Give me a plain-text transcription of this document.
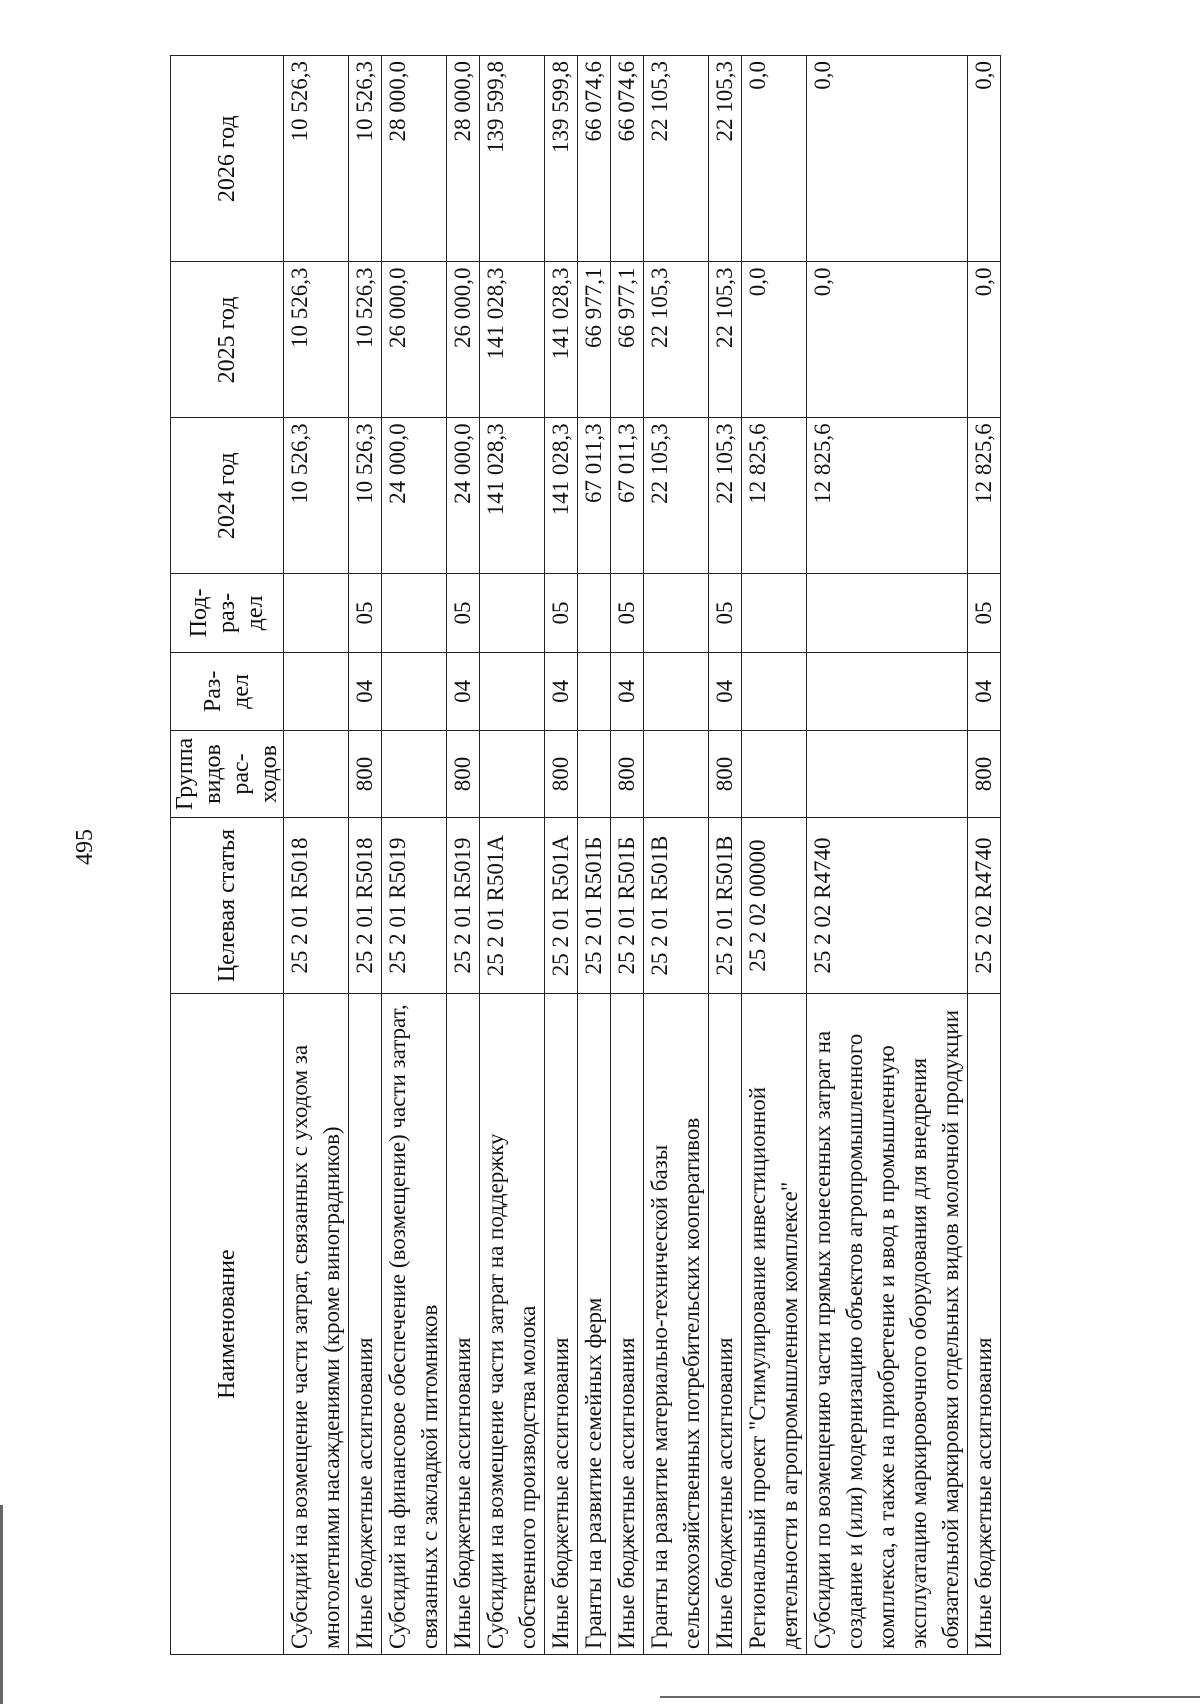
495
Наименование	Целевая статья	Группа видов рас-ходов	Раз-дел	Под-раз-дел	2024 год	2025 год	2026 год
Субсидий на возмещение части затрат, связанных с уходом за многолетними насаждениями (кроме виноградников)	25 2 01 R5018				10 526,3	10 526,3	10 526,3
Иные бюджетные ассигнования	25 2 01 R5018	800	04	05	10 526,3	10 526,3	10 526,3
Субсидий на финансовое обеспечение (возмещение) части затрат, связанных с закладкой питомников	25 2 01 R5019				24 000,0	26 000,0	28 000,0
Иные бюджетные ассигнования	25 2 01 R5019	800	04	05	24 000,0	26 000,0	28 000,0
Субсидии на возмещение части затрат на поддержку собственного производства молока	25 2 01 R501А				141 028,3	141 028,3	139 599,8
Иные бюджетные ассигнования	25 2 01 R501А	800	04	05	141 028,3	141 028,3	139 599,8
Гранты на развитие семейных ферм	25 2 01 R501Б				67 011,3	66 977,1	66 074,6
Иные бюджетные ассигнования	25 2 01 R501Б	800	04	05	67 011,3	66 977,1	66 074,6
Гранты на развитие материально-технической базы сельскохозяйственных потребительских кооперативов	25 2 01 R501В				22 105,3	22 105,3	22 105,3
Иные бюджетные ассигнования	25 2 01 R501В	800	04	05	22 105,3	22 105,3	22 105,3
Региональный проект "Стимулирование инвестиционной деятельности в агропромышленном комплексе"	25 2 02 00000				12 825,6	0,0	0,0
Субсидии по возмещению части прямых понесенных затрат на создание и (или) модернизацию объектов агропромышленного комплекса, а также на приобретение и ввод в промышленную эксплуатацию маркировочного оборудования для внедрения обязательной маркировки отдельных видов молочной продукции	25 2 02 R4740				12 825,6	0,0	0,0
Иные бюджетные ассигнования	25 2 02 R4740	800	04	05	12 825,6	0,0	0,0
